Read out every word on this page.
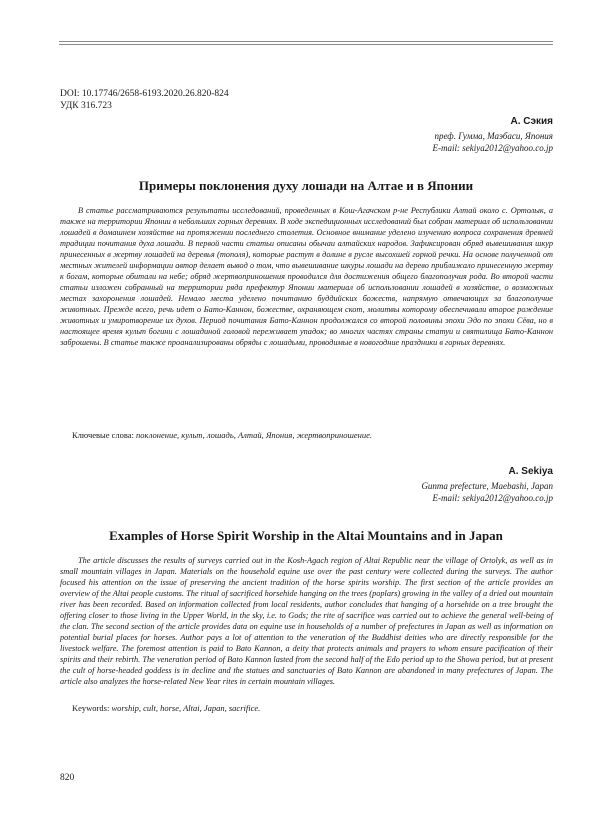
DOI: 10.17746/2658-6193.2020.26.820-824
УДК 316.723
А. Сэкия
преф. Гумма, Маэбаси, Япония
E-mail: sekiya2012@yahoo.co.jp
Примеры поклонения духу лошади на Алтае и в Японии

В статье рассматриваются результаты исследований, проведенных в Кош-Агачском р-не Республики Алтай около с. Ортолык, а также на территории Японии в небольших горных деревнях. В ходе экспедиционных исследований был собран материал об использовании лошадей в домашнем хозяйстве на протяжении последнего столетия. Основное внимание уделено изучению вопроса сохранения древней традиции почитания духа лошади. В первой части статьи описаны обычаи алтайских народов. Зафиксирован обряд вывешивания шкур принесенных в жертву лошадей на деревья (тополя), которые растут в долине в русле высохшей горной речки. На основе полученной от местных жителей информации автор делает вывод о том, что вывешивание шкуры лошади на дерево приближало принесенную жертву к богам, которые обитали на небе; обряд жертвоприношения проводился для достижения общего благополучия рода. Во второй части статьи изложен собранный на территории ряда префектур Японии материал об использовании лошадей в хозяйстве, о возможных местах захоронения лошадей. Немало места уделено почитанию буддийских божеств, напрямую отвечающих за благополучие животных. Прежде всего, речь идет о Бато-Каннон, божестве, охраняющем скот, молитвы которому обеспечивали второе рождение животных и умиротворение их духов. Период почитания Бато-Каннон продолжался со второй половины эпохи Эдо по эпохи Сёва, но в настоящее время культ богини с лошадиной головой переживает упадок; во многих частях страны статуи и святилища Бато-Каннон заброшены. В статье также проанализированы обряды с лошадьми, проводимые в новогодние праздники в горных деревнях.

Ключевые слова: поклонение, культ, лошадь, Алтай, Япония, жертвоприношение.
A. Sekiya
Gunma prefecture, Maebashi, Japan
E-mail: sekiya2012@yahoo.co.jp
Examples of Horse Spirit Worship in the Altai Mountains and in Japan

The article discusses the results of surveys carried out in the Kosh-Agach region of Altai Republic near the village of Ortolyk, as well as in small mountain villages in Japan. Materials on the household equine use over the past century were collected during the surveys. The author focused his attention on the issue of preserving the ancient tradition of the horse spirits worship. The first section of the article provides an overview of the Altai people customs. The ritual of sacrificed horsehide hanging on the trees (poplars) growing in the valley of a dried out mountain river has been recorded. Based on information collected from local residents, author concludes that hanging of a horsehide on a tree brought the offering closer to those living in the Upper World, in the sky, i.e. to Gods; the rite of sacrifice was carried out to achieve the general well-being of the clan. The second section of the article provides data on equine use in households of a number of prefectures in Japan as well as information on potential burial places for horses. Author pays a lot of attention to the veneration of the Buddhist deities who are directly responsible for the livestock welfare. The foremost attention is paid to Bato Kannon, a deity that protects animals and prayers to whom ensure pacification of their spirits and their rebirth. The veneration period of Bato Kannon lasted from the second half of the Edo period up to the Showa period, but at present the cult of horse-headed goddess is in decline and the statues and sanctuaries of Bato Kannon are abandoned in many prefectures of Japan. The article also analyzes the horse-related New Year rites in certain mountain villages.

Keywords: worship, cult, horse, Altai, Japan, sacrifice.
820
